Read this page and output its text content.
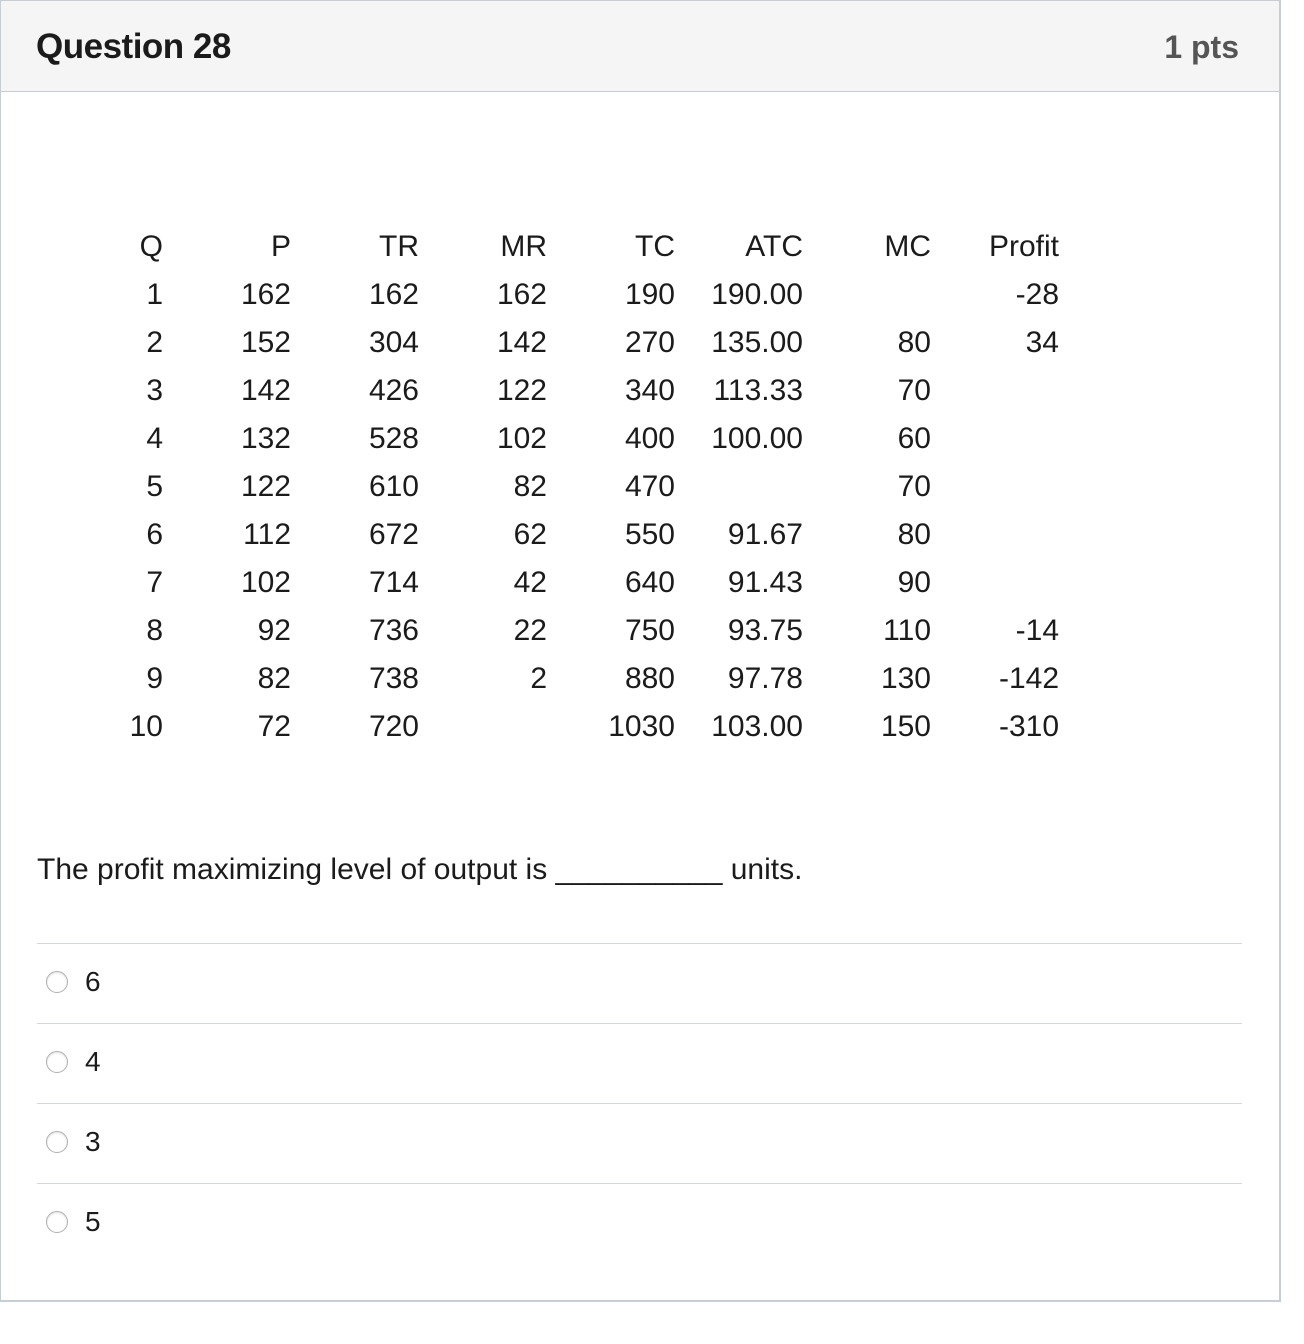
Question 28	1 pts
Q	P	TR	MR	TC	ATC	MC	Profit
1	162	162	162	190	190.00		-28
2	152	304	142	270	135.00	80	34
3	142	426	122	340	113.33	70	
4	132	528	102	400	100.00	60	
5	122	610	82	470		70	
6	112	672	62	550	91.67	80	
7	102	714	42	640	91.43	90	
8	92	736	22	750	93.75	110	-14
9	82	738	2	880	97.78	130	-142
10	72	720		1030	103.00	150	-310
The profit maximizing level of output is __________ units.
6
4
3
5
